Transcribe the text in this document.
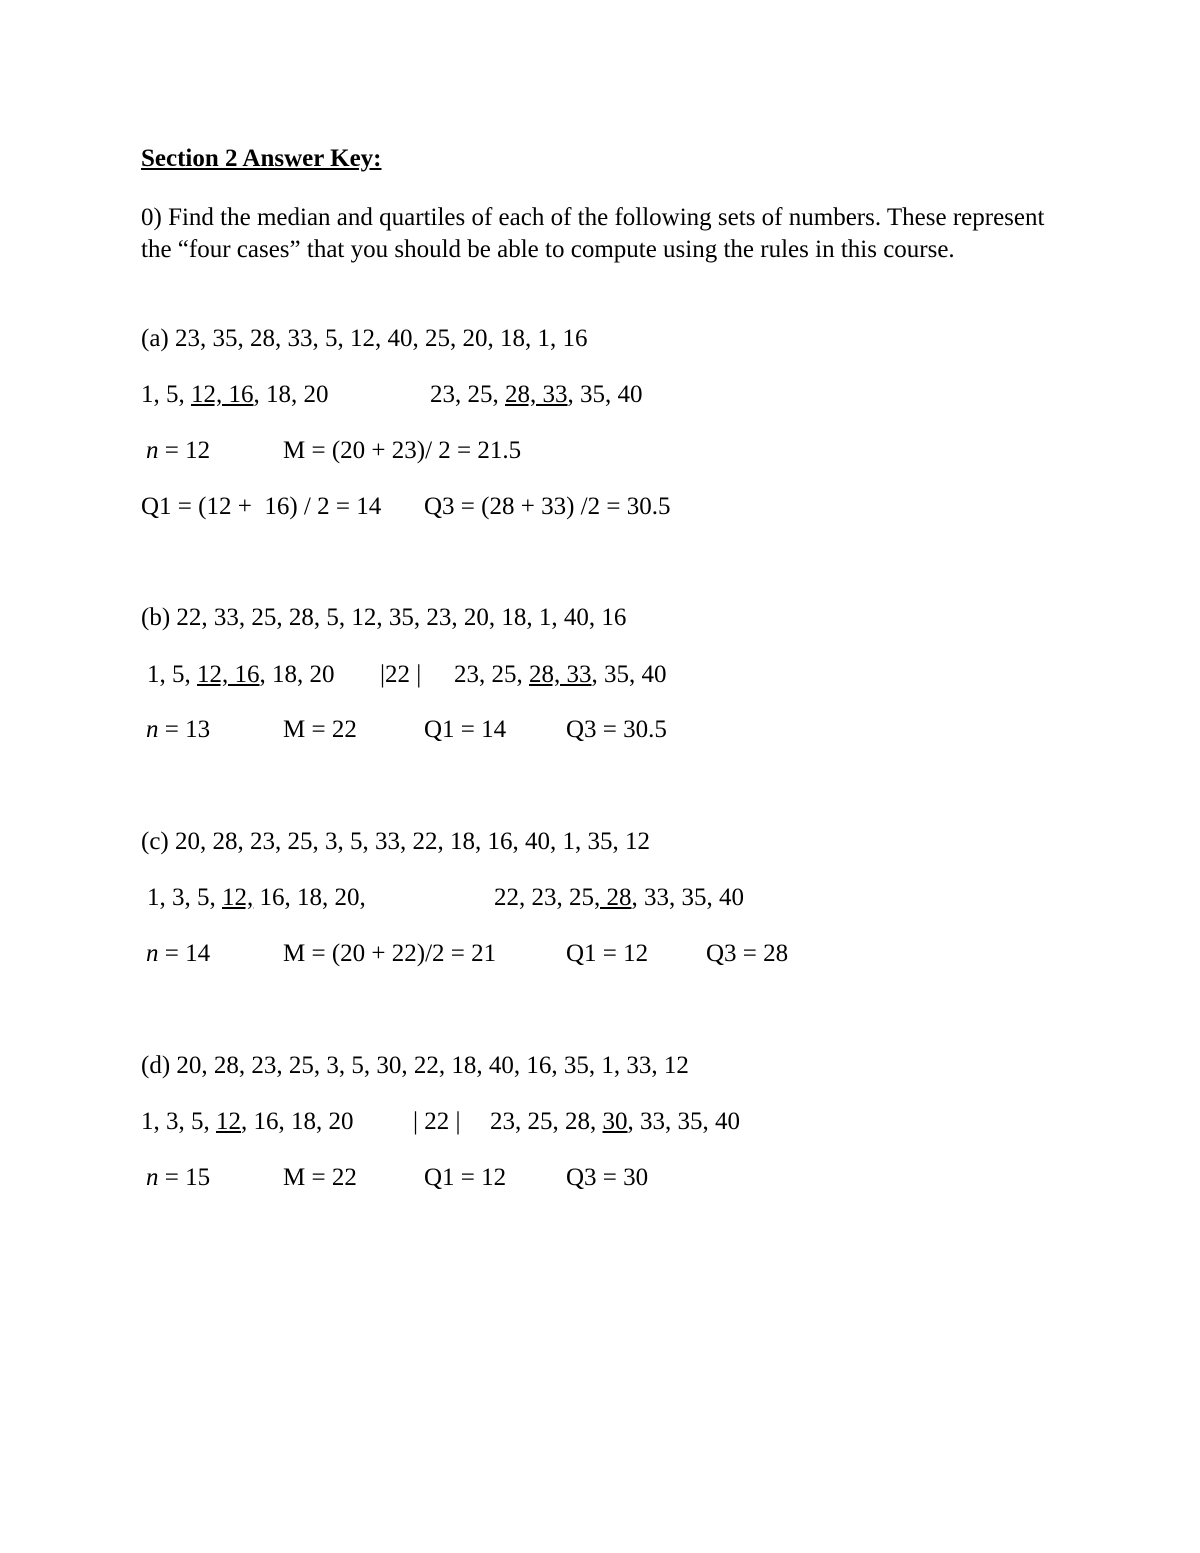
Section 2 Answer Key:
0) Find the median and quartiles of each of the following sets of numbers. These represent the “four cases” that you should be able to compute using the rules in this course.
(a) 23, 35, 28, 33, 5, 12, 40, 25, 20, 18, 1, 16
1, 5, 12, 16, 18, 20	23, 25, 28, 33, 35, 40
n = 12	M = (20 + 23)/ 2 = 21.5
Q1 = (12 +  16) / 2 = 14 Q3 = (28 + 33) /2 = 30.5
(b) 22, 33, 25, 28, 5, 12, 35, 23, 20, 18, 1, 40, 16
1, 5, 12, 16, 18, 20 |22 | 23, 25, 28, 33, 35, 40
n = 13	M = 22	Q1 = 14 Q3 = 30.5
(c) 20, 28, 23, 25, 3, 5, 33, 22, 18, 16, 40, 1, 35, 12
1, 3, 5, 12, 16, 18, 20,	22, 23, 25, 28, 33, 35, 40
n = 14	M = (20 + 22)/2 = 21	Q1 = 12 Q3 = 28
(d) 20, 28, 23, 25, 3, 5, 30, 22, 18, 40, 16, 35, 1, 33, 12
1, 3, 5, 12, 16, 18, 20 | 22 | 23, 25, 28, 30, 33, 35, 40
n = 15	M = 22	Q1 = 12 Q3 = 30
